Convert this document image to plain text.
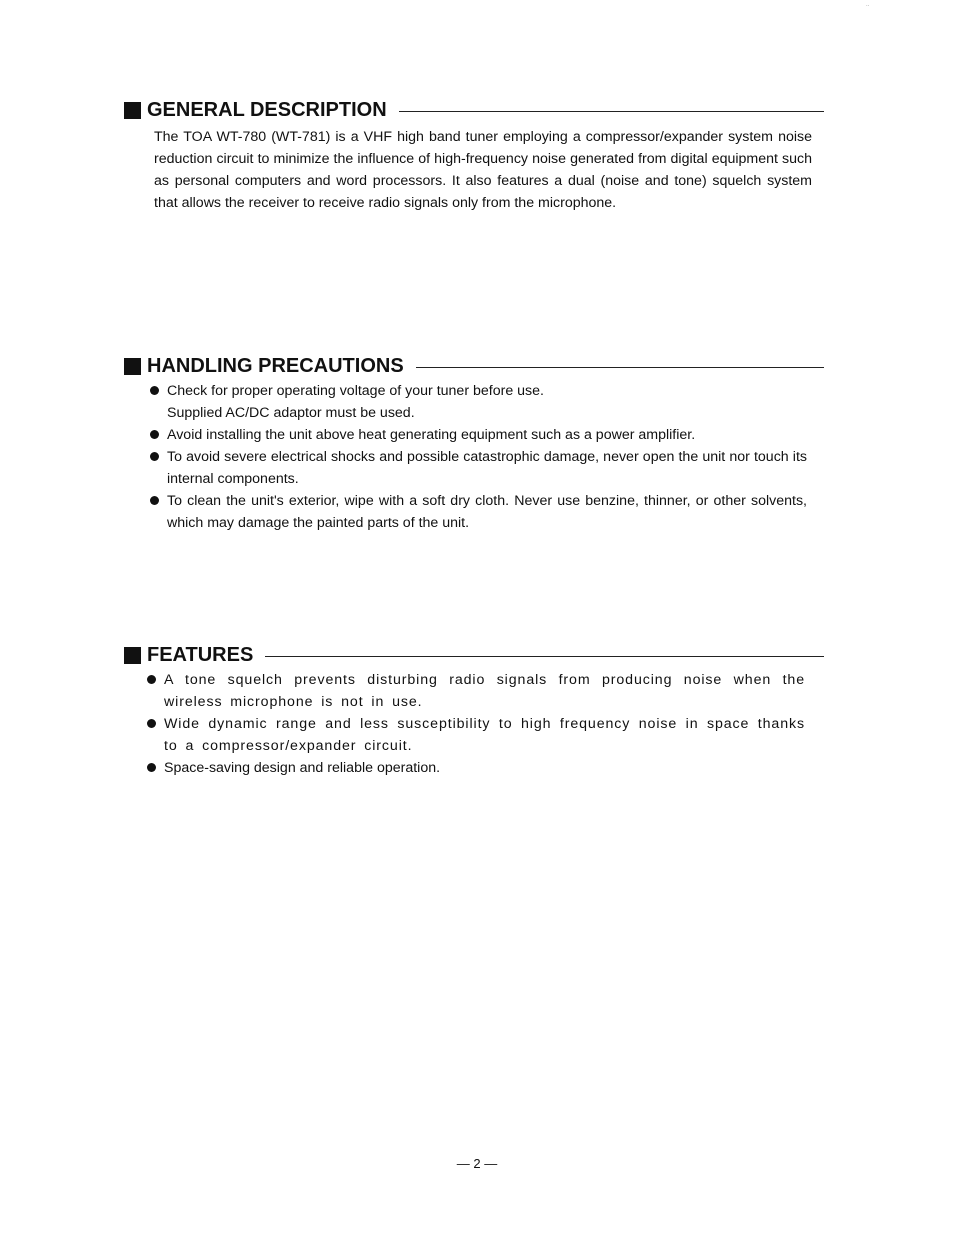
..
GENERAL DESCRIPTION

The TOA WT-780 (WT-781) is a VHF high band tuner employing a compressor/expander system noise reduction circuit to minimize the influence of high-frequency noise generated from digital equipment such as personal computers and word processors. It also features a dual (noise and tone) squelch system that allows the receiver to receive radio signals only from the microphone.

HANDLING PRECAUTIONS
Check for proper operating voltage of your tuner before use.
Supplied AC/DC adaptor must be used.
Avoid installing the unit above heat generating equipment such as a power amplifier.
To avoid severe electrical shocks and possible catastrophic damage, never open the unit nor touch its internal components.
To clean the unit's exterior, wipe with a soft dry cloth. Never use benzine, thinner, or other solvents, which may damage the painted parts of the unit.
FEATURES
A tone squelch prevents disturbing radio signals from producing noise when the wireless microphone is not in use.
Wide dynamic range and less susceptibility to high frequency noise in space thanks to a compressor/expander circuit.
Space-saving design and reliable operation.
— 2 —
